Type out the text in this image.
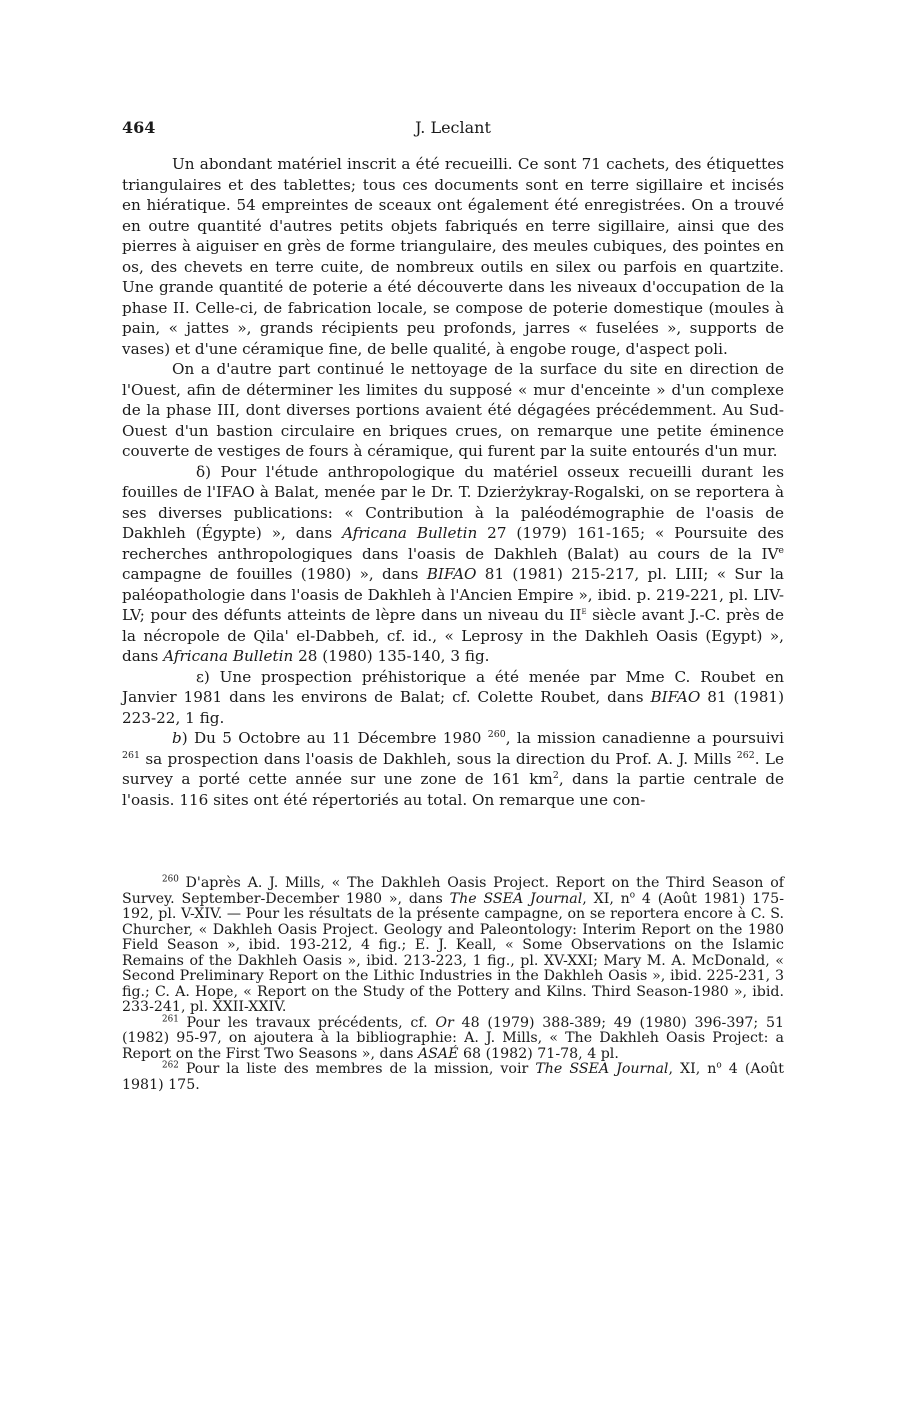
464	J. Leclant

Un abondant matériel inscrit a été recueilli. Ce sont 71 cachets, des étiquettes triangulaires et des tablettes; tous ces documents sont en terre sigillaire et incisés en hiératique. 54 empreintes de sceaux ont également été enregistrées. On a trouvé en outre quantité d'autres petits objets fabriqués en terre sigillaire, ainsi que des pierres à aiguiser en grès de forme triangulaire, des meules cubiques, des pointes en os, des chevets en terre cuite, de nombreux outils en silex ou parfois en quartzite. Une grande quantité de poterie a été découverte dans les niveaux d'occupation de la phase II. Celle-ci, de fabrication locale, se compose de poterie domestique (moules à pain, « jattes », grands récipients peu profonds, jarres « fuselées », supports de vases) et d'une céramique fine, de belle qualité, à engobe rouge, d'aspect poli.

On a d'autre part continué le nettoyage de la surface du site en direction de l'Ouest, afin de déterminer les limites du supposé « mur d'enceinte » d'un complexe de la phase III, dont diverses portions avaient été dégagées précédemment. Au Sud-Ouest d'un bastion circulaire en briques crues, on remarque une petite éminence couverte de vestiges de fours à céramique, qui furent par la suite entourés d'un mur.

δ) Pour l'étude anthropologique du matériel osseux recueilli durant les fouilles de l'IFAO à Balat, menée par le Dr. T. Dzierżykray-Rogalski, on se reportera à ses diverses publications: « Contribution à la paléodémographie de l'oasis de Dakhleh (Égypte) », dans Africana Bulletin 27 (1979) 161-165; « Poursuite des recherches anthropologiques dans l'oasis de Dakhleh (Balat) au cours de la IVe campagne de fouilles (1980) », dans BIFAO 81 (1981) 215-217, pl. LIII; « Sur la paléopathologie dans l'oasis de Dakhleh à l'Ancien Empire », ibid. p. 219-221, pl. LIV-LV; pour des défunts atteints de lèpre dans un niveau du IIe siècle avant J.-C. près de la nécropole de Qila' el-Dabbeh, cf. id., « Leprosy in the Dakhleh Oasis (Egypt) », dans Africana Bulletin 28 (1980) 135-140, 3 fig.

ε) Une prospection préhistorique a été menée par Mme C. Roubet en Janvier 1981 dans les environs de Balat; cf. Colette Roubet, dans BIFAO 81 (1981) 223-22, 1 fig.

b) Du 5 Octobre au 11 Décembre 1980 $^{260}$, la mission canadienne a poursuivi $^{261}$ sa prospection dans l'oasis de Dakhleh, sous la direction du Prof. A. J. Mills $^{262}$. Le survey a porté cette année sur une zone de 161 $km^2$, dans la partie centrale de l'oasis. 116 sites ont été répertoriés au total. On remarque une con-

$^{260}$ D'après A. J. Mills, « The Dakhleh Oasis Project. Report on the Third Season of Survey. September-December 1980 », dans The SSEA Journal, XI, $n^o$ 4 (Août 1981) 175-192, pl. V-XIV. — Pour les résultats de la présente campagne, on se reportera encore à C. S. Churcher, « Dakhleh Oasis Project. Geology and Paleontology: Interim Report on the 1980 Field Season », ibid. 193-212, 4 fig.; E. J. Keall, « Some Observations on the Islamic Remains of the Dakhleh Oasis », ibid. 213-223, 1 fig., pl. XV-XXI; Mary M. A. McDonald, « Second Preliminary Report on the Lithic Industries in the Dakhleh Oasis », ibid. 225-231, 3 fig.; C. A. Hope, « Report on the Study of the Pottery and Kilns. Third Season-1980 », ibid. 233-241, pl. XXII-XXIV.

$^{261}$ Pour les travaux précédents, cf. Or 48 (1979) 388-389; 49 (1980) 396-397; 51 (1982) 95-97, on ajoutera à la bibliographie: A. J. Mills, « The Dakhleh Oasis Project: a Report on the First Two Seasons », dans ASAÉ 68 (1982) 71-78, 4 pl.

$^{262}$ Pour la liste des membres de la mission, voir The SSEA Journal, XI, $n^o$ 4 (Août 1981) 175.
